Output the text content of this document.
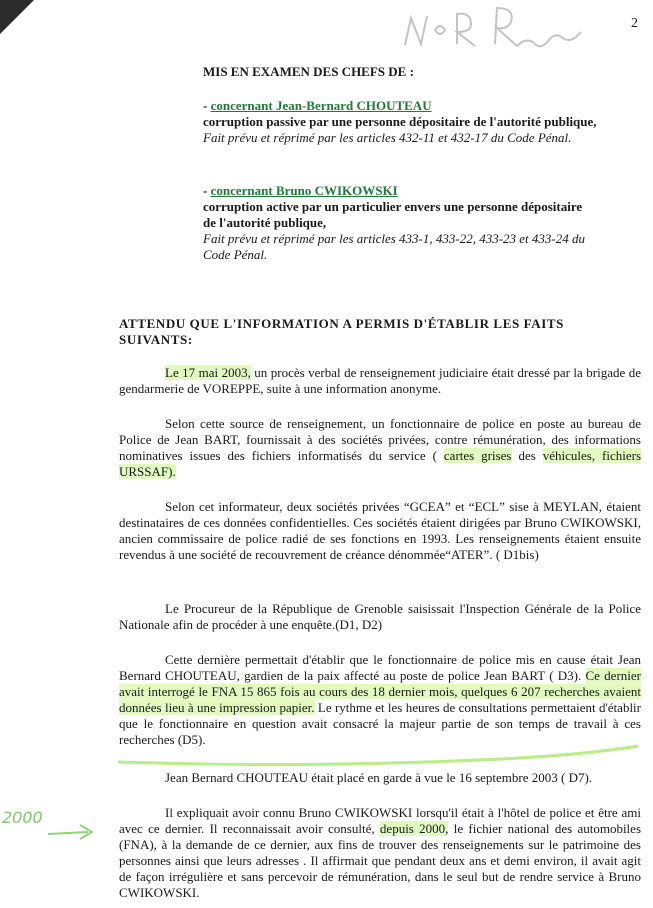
2
MIS EN EXAMEN DES CHEFS DE :
- concernant Jean-Bernard CHOUTEAU
corruption passive par une personne dépositaire de l'autorité publique,
Fait prévu et réprimé par les articles 432-11 et 432-17 du Code Pénal.
- concernant Bruno CWIKOWSKI
corruption active par un particulier envers une personne dépositaire
de l'autorité publique,
Fait prévu et réprimé par les articles 433-1, 433-22, 433-23 et 433-24 du
Code Pénal.
ATTENDU QUE L'INFORMATION A PERMIS D'ÉTABLIR LES FAITS SUIVANTS:
Le 17 mai 2003, un procès verbal de renseignement judiciaire était dressé par la brigade de gendarmerie de VOREPPE, suite à une information anonyme.
Selon cette source de renseignement, un fonctionnaire de police en poste au bureau de Police de Jean BART, fournissait à des sociétés privées, contre rémunération, des informations nominatives issues des fichiers informatisés du service ( cartes grises des véhicules, fichiers URSSAF).
Selon cet informateur, deux sociétés privées “GCEA” et “ECL” sise à MEYLAN, étaient destinataires de ces données confidentielles. Ces sociétés étaient dirigées par Bruno CWIKOWSKI, ancien commissaire de police radié de ses fonctions en 1993. Les renseignements étaient ensuite revendus à une société de recouvrement de créance dénommée“ATER”. ( D1bis)
Le Procureur de la République de Grenoble saisissait l'Inspection Générale de la Police Nationale afin de procéder à une enquête.(D1, D2)
Cette dernière permettait d'établir que le fonctionnaire de police mis en cause était Jean Bernard CHOUTEAU, gardien de la paix affecté au poste de police Jean BART ( D3). Ce dernier avait interrogé le FNA 15 865 fois au cours des 18 dernier mois, quelques 6 207 recherches avaient données lieu à une impression papier. Le rythme et les heures de consultations permettaient d'établir que le fonctionnaire en question avait consacré la majeur partie de son temps de travail à ces recherches (D5).
Jean Bernard CHOUTEAU était placé en garde à vue le 16 septembre 2003 ( D7).
Il expliquait avoir connu Bruno CWIKOWSKI lorsqu'il était à l'hôtel de police et être ami avec ce dernier. Il reconnaissait avoir consulté, depuis 2000, le fichier national des automobiles (FNA), à la demande de ce dernier, aux fins de trouver des renseignements sur le patrimoine des personnes ainsi que leurs adresses . Il affirmait que pendant deux ans et demi environ, il avait agit de façon irrégulière et sans percevoir de rémunération, dans le seul but de rendre service à Bruno CWIKOWSKI.
2000
